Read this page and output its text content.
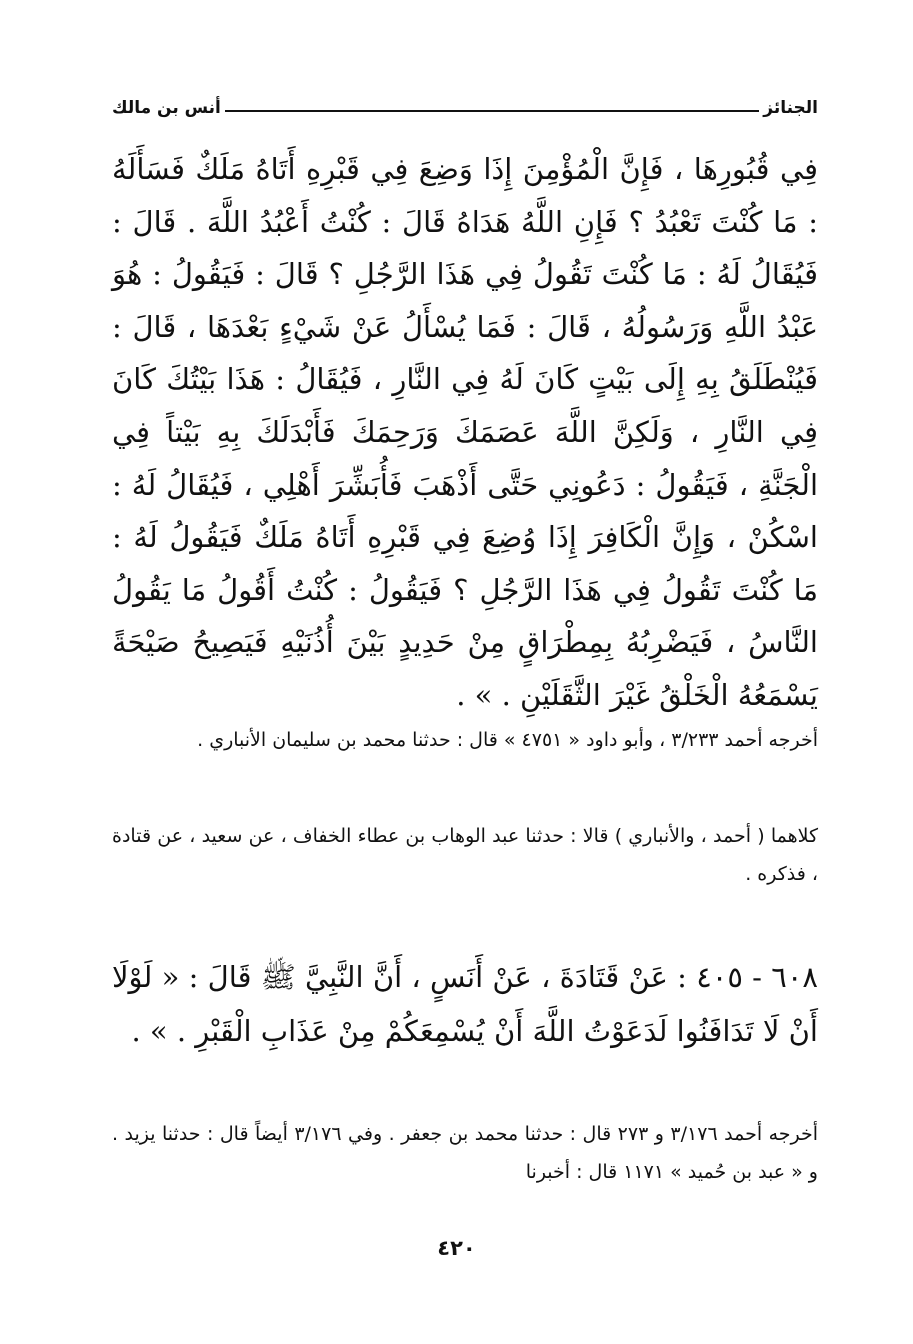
الجنائز
أنس بن مالك
فِي قُبُورِهَا ، فَإِنَّ الْمُؤْمِنَ إِذَا وَضِعَ فِي قَبْرِهِ أَتَاهُ مَلَكٌ فَسَأَلَهُ : مَا كُنْتَ تَعْبُدُ ؟ فَإِنِ اللَّهُ هَدَاهُ قَالَ : كُنْتُ أَعْبُدُ اللَّهَ . قَالَ : فَيُقَالُ لَهُ : مَا كُنْتَ تَقُولُ فِي هَذَا الرَّجُلِ ؟ قَالَ : فَيَقُولُ : هُوَ عَبْدُ اللَّهِ وَرَسُولُهُ ، قَالَ : فَمَا يُسْأَلُ عَنْ شَيْءٍ بَعْدَهَا ، قَالَ : فَيُنْطَلَقُ بِهِ إِلَى بَيْتٍ كَانَ لَهُ فِي النَّارِ ، فَيُقَالُ : هَذَا بَيْتُكَ كَانَ فِي النَّارِ ، وَلَكِنَّ اللَّهَ عَصَمَكَ وَرَحِمَكَ فَأَبْدَلَكَ بِهِ بَيْتاً فِي الْجَنَّةِ ، فَيَقُولُ : دَعُونِي حَتَّى أَذْهَبَ فَأُبَشِّرَ أَهْلِي ، فَيُقَالُ لَهُ : اسْكُنْ ، وَإِنَّ الْكَافِرَ إِذَا وُضِعَ فِي قَبْرِهِ أَتَاهُ مَلَكٌ فَيَقُولُ لَهُ : مَا كُنْتَ تَقُولُ فِي هَذَا الرَّجُلِ ؟ فَيَقُولُ : كُنْتُ أَقُولُ مَا يَقُولُ النَّاسُ ، فَيَضْرِبُهُ بِمِطْرَاقٍ مِنْ حَدِيدٍ بَيْنَ أُذُنَيْهِ فَيَصِيحُ صَيْحَةً يَسْمَعُهُ الْخَلْقُ غَيْرَ الثَّقَلَيْنِ . » .
أخرجه أحمد ٣/٢٣٣ ، وأبو داود « ٤٧٥١ » قال : حدثنا محمد بن سليمان الأنباري .
كلاهما ( أحمد ، والأنباري ) قالا : حدثنا عبد الوهاب بن عطاء الخفاف ، عن سعيد ، عن قتادة ، فذكره .
٦٠٨ - ٤٠٥ : عَنْ قَتَادَةَ ، عَنْ أَنَسٍ ، أَنَّ النَّبِيَّ ﷺ قَالَ : « لَوْلَا أَنْ لَا تَدَافَنُوا لَدَعَوْتُ اللَّهَ أَنْ يُسْمِعَكُمْ مِنْ عَذَابِ الْقَبْرِ . » .
أخرجه أحمد ٣/١٧٦ و ٢٧٣ قال : حدثنا محمد بن جعفر . وفي ٣/١٧٦ أيضاً قال : حدثنا يزيد . و « عبد بن حُميد » ١١٧١ قال : أخبرنا
٤٢٠
